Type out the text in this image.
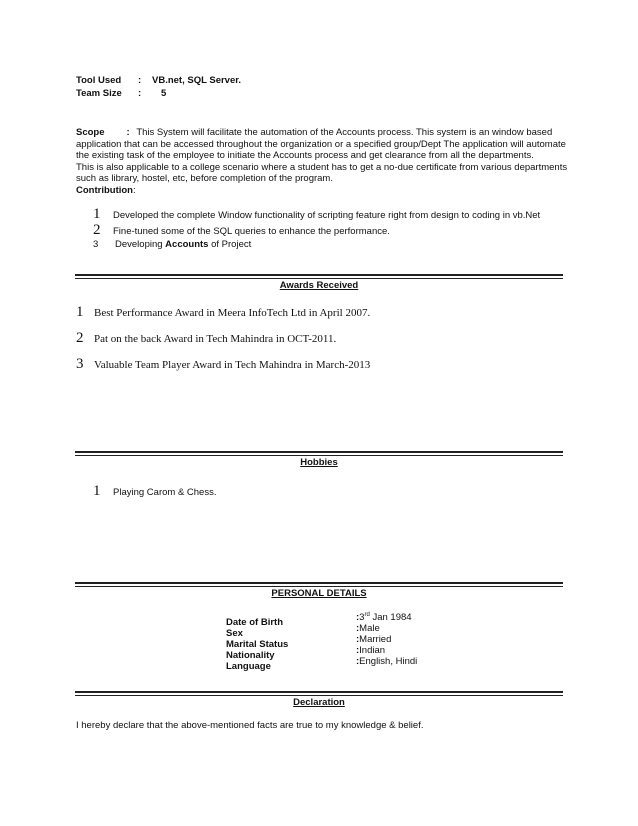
Tool Used : VB.net, SQL Server.
Team Size : 5
Scope : This System will facilitate the automation of the Accounts process. This system is an window based
application that can be accessed throughout the organization or a specified group/Dept The application will automate
the existing task of the employee to initiate the Accounts process and get clearance from all the departments.
This is also applicable to a college scenario where a student has to get a no-due certificate from various departments
such as library, hostel, etc, before completion of the program.
Contribution:
1 Developed the complete Window functionality of scripting feature right from design to coding in vb.Net
2 Fine-tuned some of the SQL queries to enhance the performance.
3 Developing Accounts of Project
Awards Received
1 Best Performance Award in Meera InfoTech Ltd in April 2007.
2 Pat on the back Award in Tech Mahindra in OCT-2011.
3 Valuable Team Player Award in Tech Mahindra in March-2013
Hobbies
1 Playing Carom & Chess.
PERSONAL DETAILS
Date of Birth	:3rd Jan 1984
Sex	:Male
Marital Status	:Married
Nationality	:Indian
Language	:English, Hindi
Declaration
I hereby declare that the above-mentioned facts are true to my knowledge & belief.
